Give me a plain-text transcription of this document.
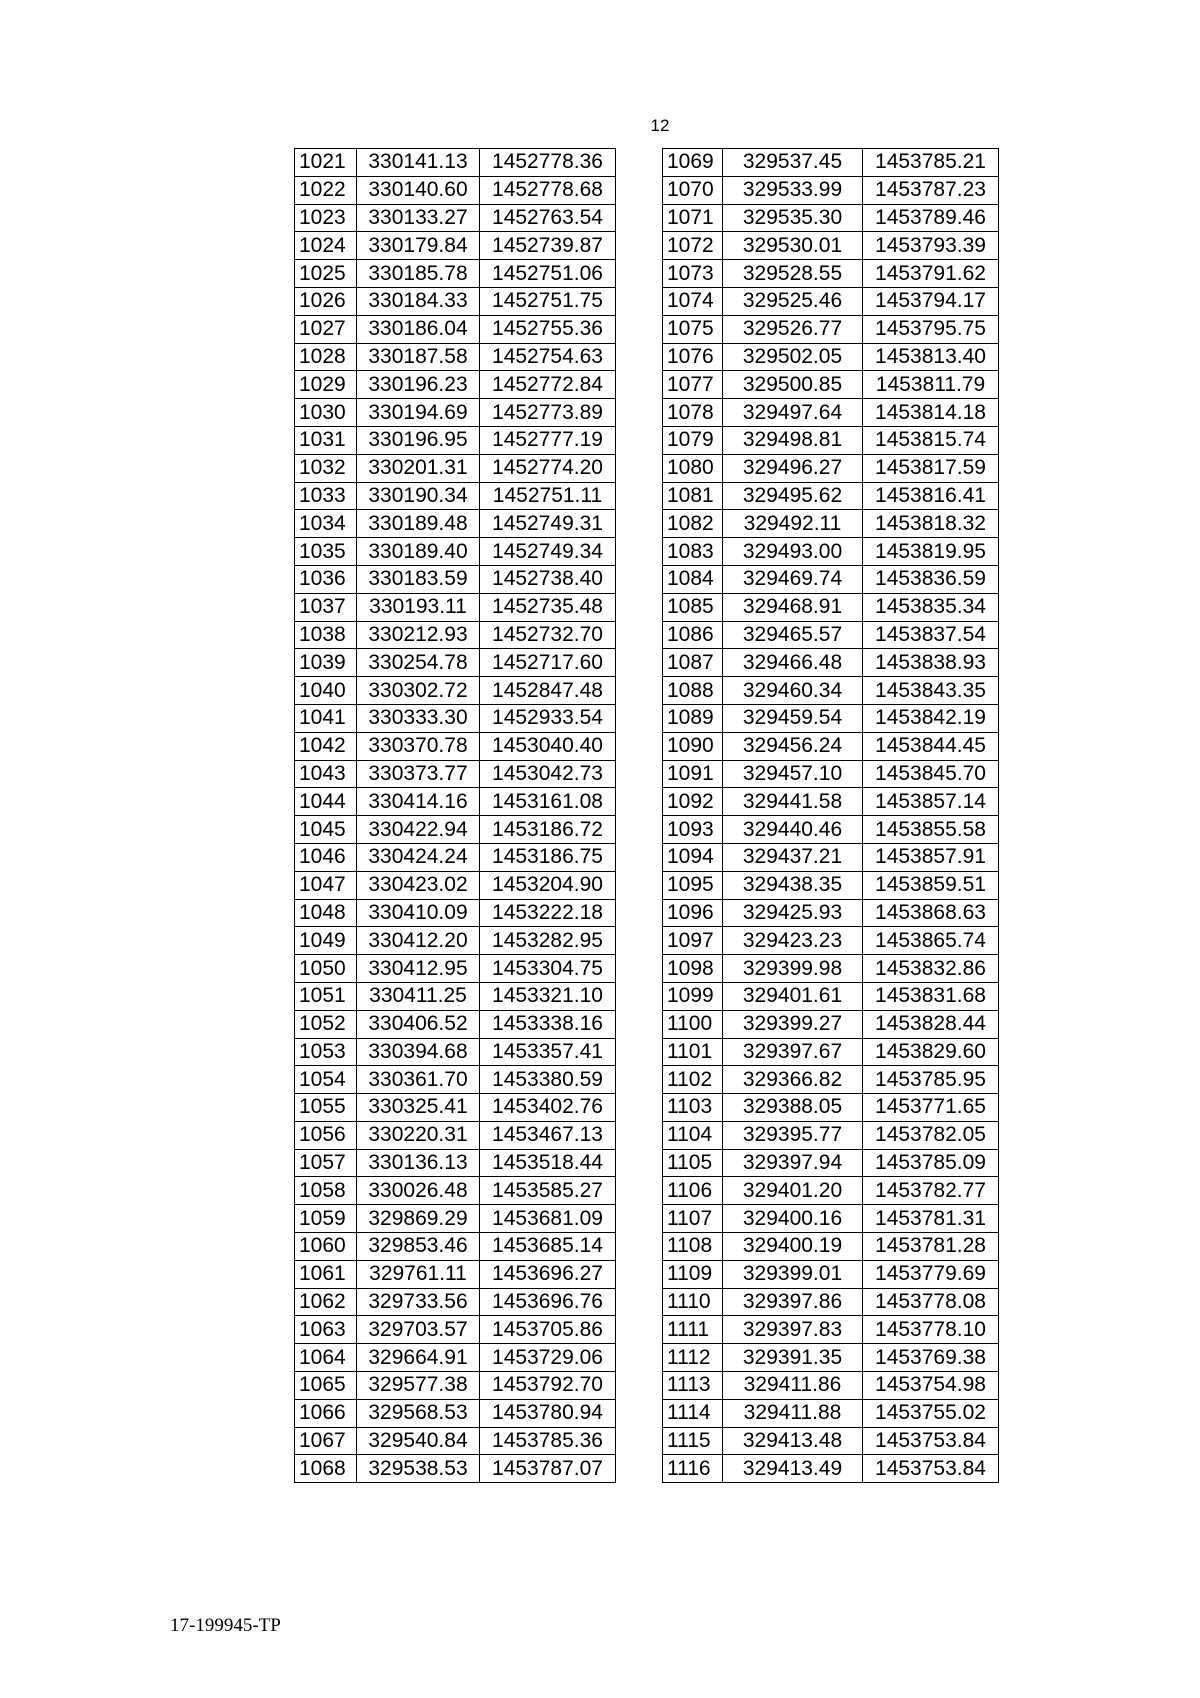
12
1021	330141.13	1452778.36
1022	330140.60	1452778.68
1023	330133.27	1452763.54
1024	330179.84	1452739.87
1025	330185.78	1452751.06
1026	330184.33	1452751.75
1027	330186.04	1452755.36
1028	330187.58	1452754.63
1029	330196.23	1452772.84
1030	330194.69	1452773.89
1031	330196.95	1452777.19
1032	330201.31	1452774.20
1033	330190.34	1452751.11
1034	330189.48	1452749.31
1035	330189.40	1452749.34
1036	330183.59	1452738.40
1037	330193.11	1452735.48
1038	330212.93	1452732.70
1039	330254.78	1452717.60
1040	330302.72	1452847.48
1041	330333.30	1452933.54
1042	330370.78	1453040.40
1043	330373.77	1453042.73
1044	330414.16	1453161.08
1045	330422.94	1453186.72
1046	330424.24	1453186.75
1047	330423.02	1453204.90
1048	330410.09	1453222.18
1049	330412.20	1453282.95
1050	330412.95	1453304.75
1051	330411.25	1453321.10
1052	330406.52	1453338.16
1053	330394.68	1453357.41
1054	330361.70	1453380.59
1055	330325.41	1453402.76
1056	330220.31	1453467.13
1057	330136.13	1453518.44
1058	330026.48	1453585.27
1059	329869.29	1453681.09
1060	329853.46	1453685.14
1061	329761.11	1453696.27
1062	329733.56	1453696.76
1063	329703.57	1453705.86
1064	329664.91	1453729.06
1065	329577.38	1453792.70
1066	329568.53	1453780.94
1067	329540.84	1453785.36
1068	329538.53	1453787.07
1069	329537.45	1453785.21
1070	329533.99	1453787.23
1071	329535.30	1453789.46
1072	329530.01	1453793.39
1073	329528.55	1453791.62
1074	329525.46	1453794.17
1075	329526.77	1453795.75
1076	329502.05	1453813.40
1077	329500.85	1453811.79
1078	329497.64	1453814.18
1079	329498.81	1453815.74
1080	329496.27	1453817.59
1081	329495.62	1453816.41
1082	329492.11	1453818.32
1083	329493.00	1453819.95
1084	329469.74	1453836.59
1085	329468.91	1453835.34
1086	329465.57	1453837.54
1087	329466.48	1453838.93
1088	329460.34	1453843.35
1089	329459.54	1453842.19
1090	329456.24	1453844.45
1091	329457.10	1453845.70
1092	329441.58	1453857.14
1093	329440.46	1453855.58
1094	329437.21	1453857.91
1095	329438.35	1453859.51
1096	329425.93	1453868.63
1097	329423.23	1453865.74
1098	329399.98	1453832.86
1099	329401.61	1453831.68
1100	329399.27	1453828.44
1101	329397.67	1453829.60
1102	329366.82	1453785.95
1103	329388.05	1453771.65
1104	329395.77	1453782.05
1105	329397.94	1453785.09
1106	329401.20	1453782.77
1107	329400.16	1453781.31
1108	329400.19	1453781.28
1109	329399.01	1453779.69
1110	329397.86	1453778.08
1111	329397.83	1453778.10
1112	329391.35	1453769.38
1113	329411.86	1453754.98
1114	329411.88	1453755.02
1115	329413.48	1453753.84
1116	329413.49	1453753.84
17-199945-TP
